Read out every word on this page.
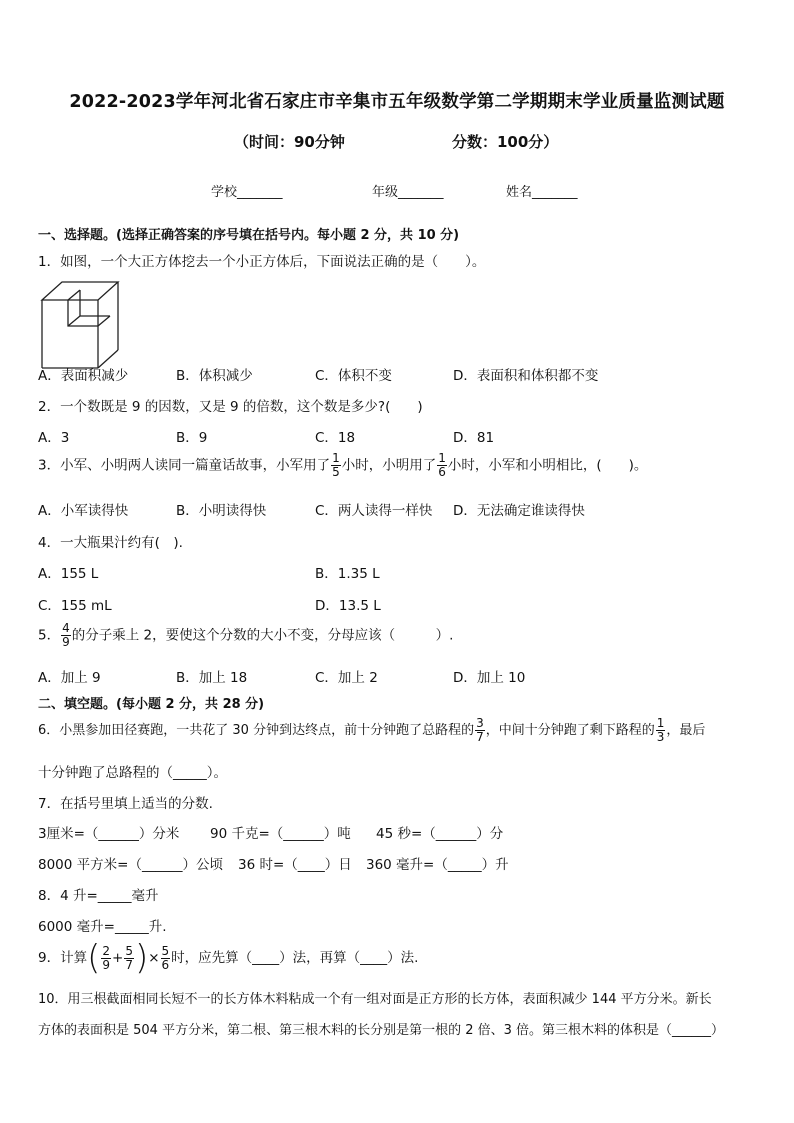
2022-2023学年河北省石家庄市辛集市五年级数学第二学期期末学业质量监测试题
（时间：90分钟	分数：100分）
学校_______	年级_______	姓名_______
一、选择题。(选择正确答案的序号填在括号内。每小题 2 分，共 10 分)
1．如图，一个大正方体挖去一个小正方体后，下面说法正确的是（　　）。
A．表面积减少	B．体积减少	C．体积不变	D．表面积和体积都不变
2．一个数既是 9 的因数，又是 9 的倍数，这个数是多少?(　　)
A．3	B．9	C．18	D．81
3．小军、小明两人读同一篇童话故事，小军用了 $\frac{1}{5}$ 小时，小明用了 $\frac{1}{6}$ 小时，小军和小明相比，(　　)。
A．小军读得快	B．小明读得快	C．两人读得一样快 D．无法确定谁读得快
4．一大瓶果汁约有(　).
A．155 L	B．1.35 L
C．155 mL	D．13.5 L
5． $\frac{4}{9}$ 的分子乘上 2，要使这个分数的大小不变，分母应该（　　　）.
A．加上 9	B．加上 18	C．加上 2	D．加上 10
二、填空题。(每小题 2 分，共 28 分)
6．小黑参加田径赛跑，一共花了 30 分钟到达终点，前十分钟跑了总路程的 $\frac{3}{7}$ ，中间十分钟跑了剩下路程的 $\frac{1}{3}$ ，最后
十分钟跑了总路程的（_____）。
7．在括号里填上适当的分数.
3厘米=（______）分米 90 千克=（______）吨 45 秒=（______）分
8000 平方米=（______）公顷 36 时=（____）日 360 毫升=（_____）升
8．4 升=_____毫升
6000 毫升=_____升.
9．计算( $\frac{2}{9} + \frac{5}{7}$ )× $\frac{5}{6}$ 时，应先算（____）法，再算（____）法.
10．用三根截面相同长短不一的长方体木料粘成一个有一组对面是正方形的长方体，表面积减少 144 平方分米。新长
方体的表面积是 504 平方分米，第二根、第三根木料的长分别是第一根的 2 倍、3 倍。第三根木料的体积是（______）
